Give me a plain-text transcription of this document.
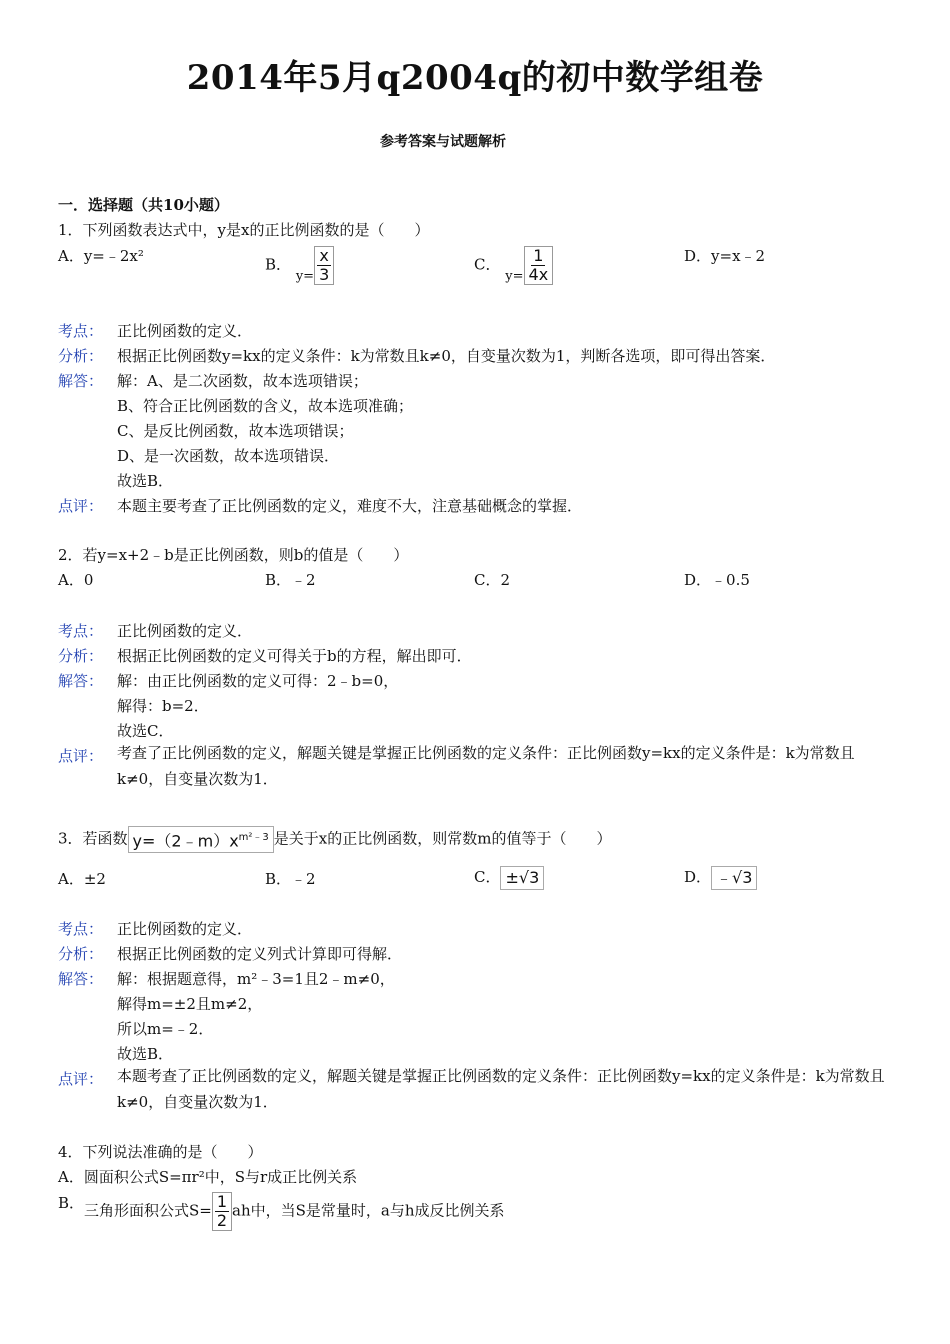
2014年5月q2004q的初中数学组卷
参考答案与试题解析
一．选择题（共10小题）
1．下列函数表达式中，y是x的正比例函数的是（　　）
A．y=﹣2x²	B． $y= \frac{x}{3}$	C． $y= \frac{1}{4x}$	D．y=x﹣2
考点： 正比例函数的定义．
分析： 根据正比例函数y=kx的定义条件：k为常数且k≠0，自变量次数为1，判断各选项，即可得出答案．
解答： 解：A、是二次函数，故本选项错误；
B、符合正比例函数的含义，故本选项准确；
C、是反比例函数，故本选项错误；
D、是一次函数，故本选项错误．
故选B．
点评： 本题主要考查了正比例函数的定义，难度不大，注意基础概念的掌握．
2．若y=x+2﹣b是正比例函数，则b的值是（　　）
A．0	B．﹣2	C．2	D．﹣0.5
考点： 正比例函数的定义．
分析： 根据正比例函数的定义可得关于b的方程，解出即可．
解答： 解：由正比例函数的定义可得：2﹣b=0，
解得：b=2．
故选C．
点评： 考查了正比例函数的定义，解题关键是掌握正比例函数的定义条件：正比例函数y=kx的定义条件是：k为常数且k≠0，自变量次数为1．
3．若函数 $y=(2﹣m)x^{m^2﹣3}$ 是关于x的正比例函数，则常数m的值等于（　　）
A．±2	B．﹣2	C． ±√3	D． ﹣√3
考点： 正比例函数的定义．
分析： 根据正比例函数的定义列式计算即可得解．
解答： 解：根据题意得，m²﹣3=1且2﹣m≠0，
解得m=±2且m≠2，
所以m=﹣2．
故选B．
点评： 本题考查了正比例函数的定义，解题关键是掌握正比例函数的定义条件：正比例函数y=kx的定义条件是：k为常数且k≠0，自变量次数为1．
4．下列说法准确的是（　　）
A．圆面积公式S=πr²中，S与r成正比例关系
B． 三角形面积公式$S= \frac{1}{2}$ ah中，当S是常量时，a与h成反比例关系
